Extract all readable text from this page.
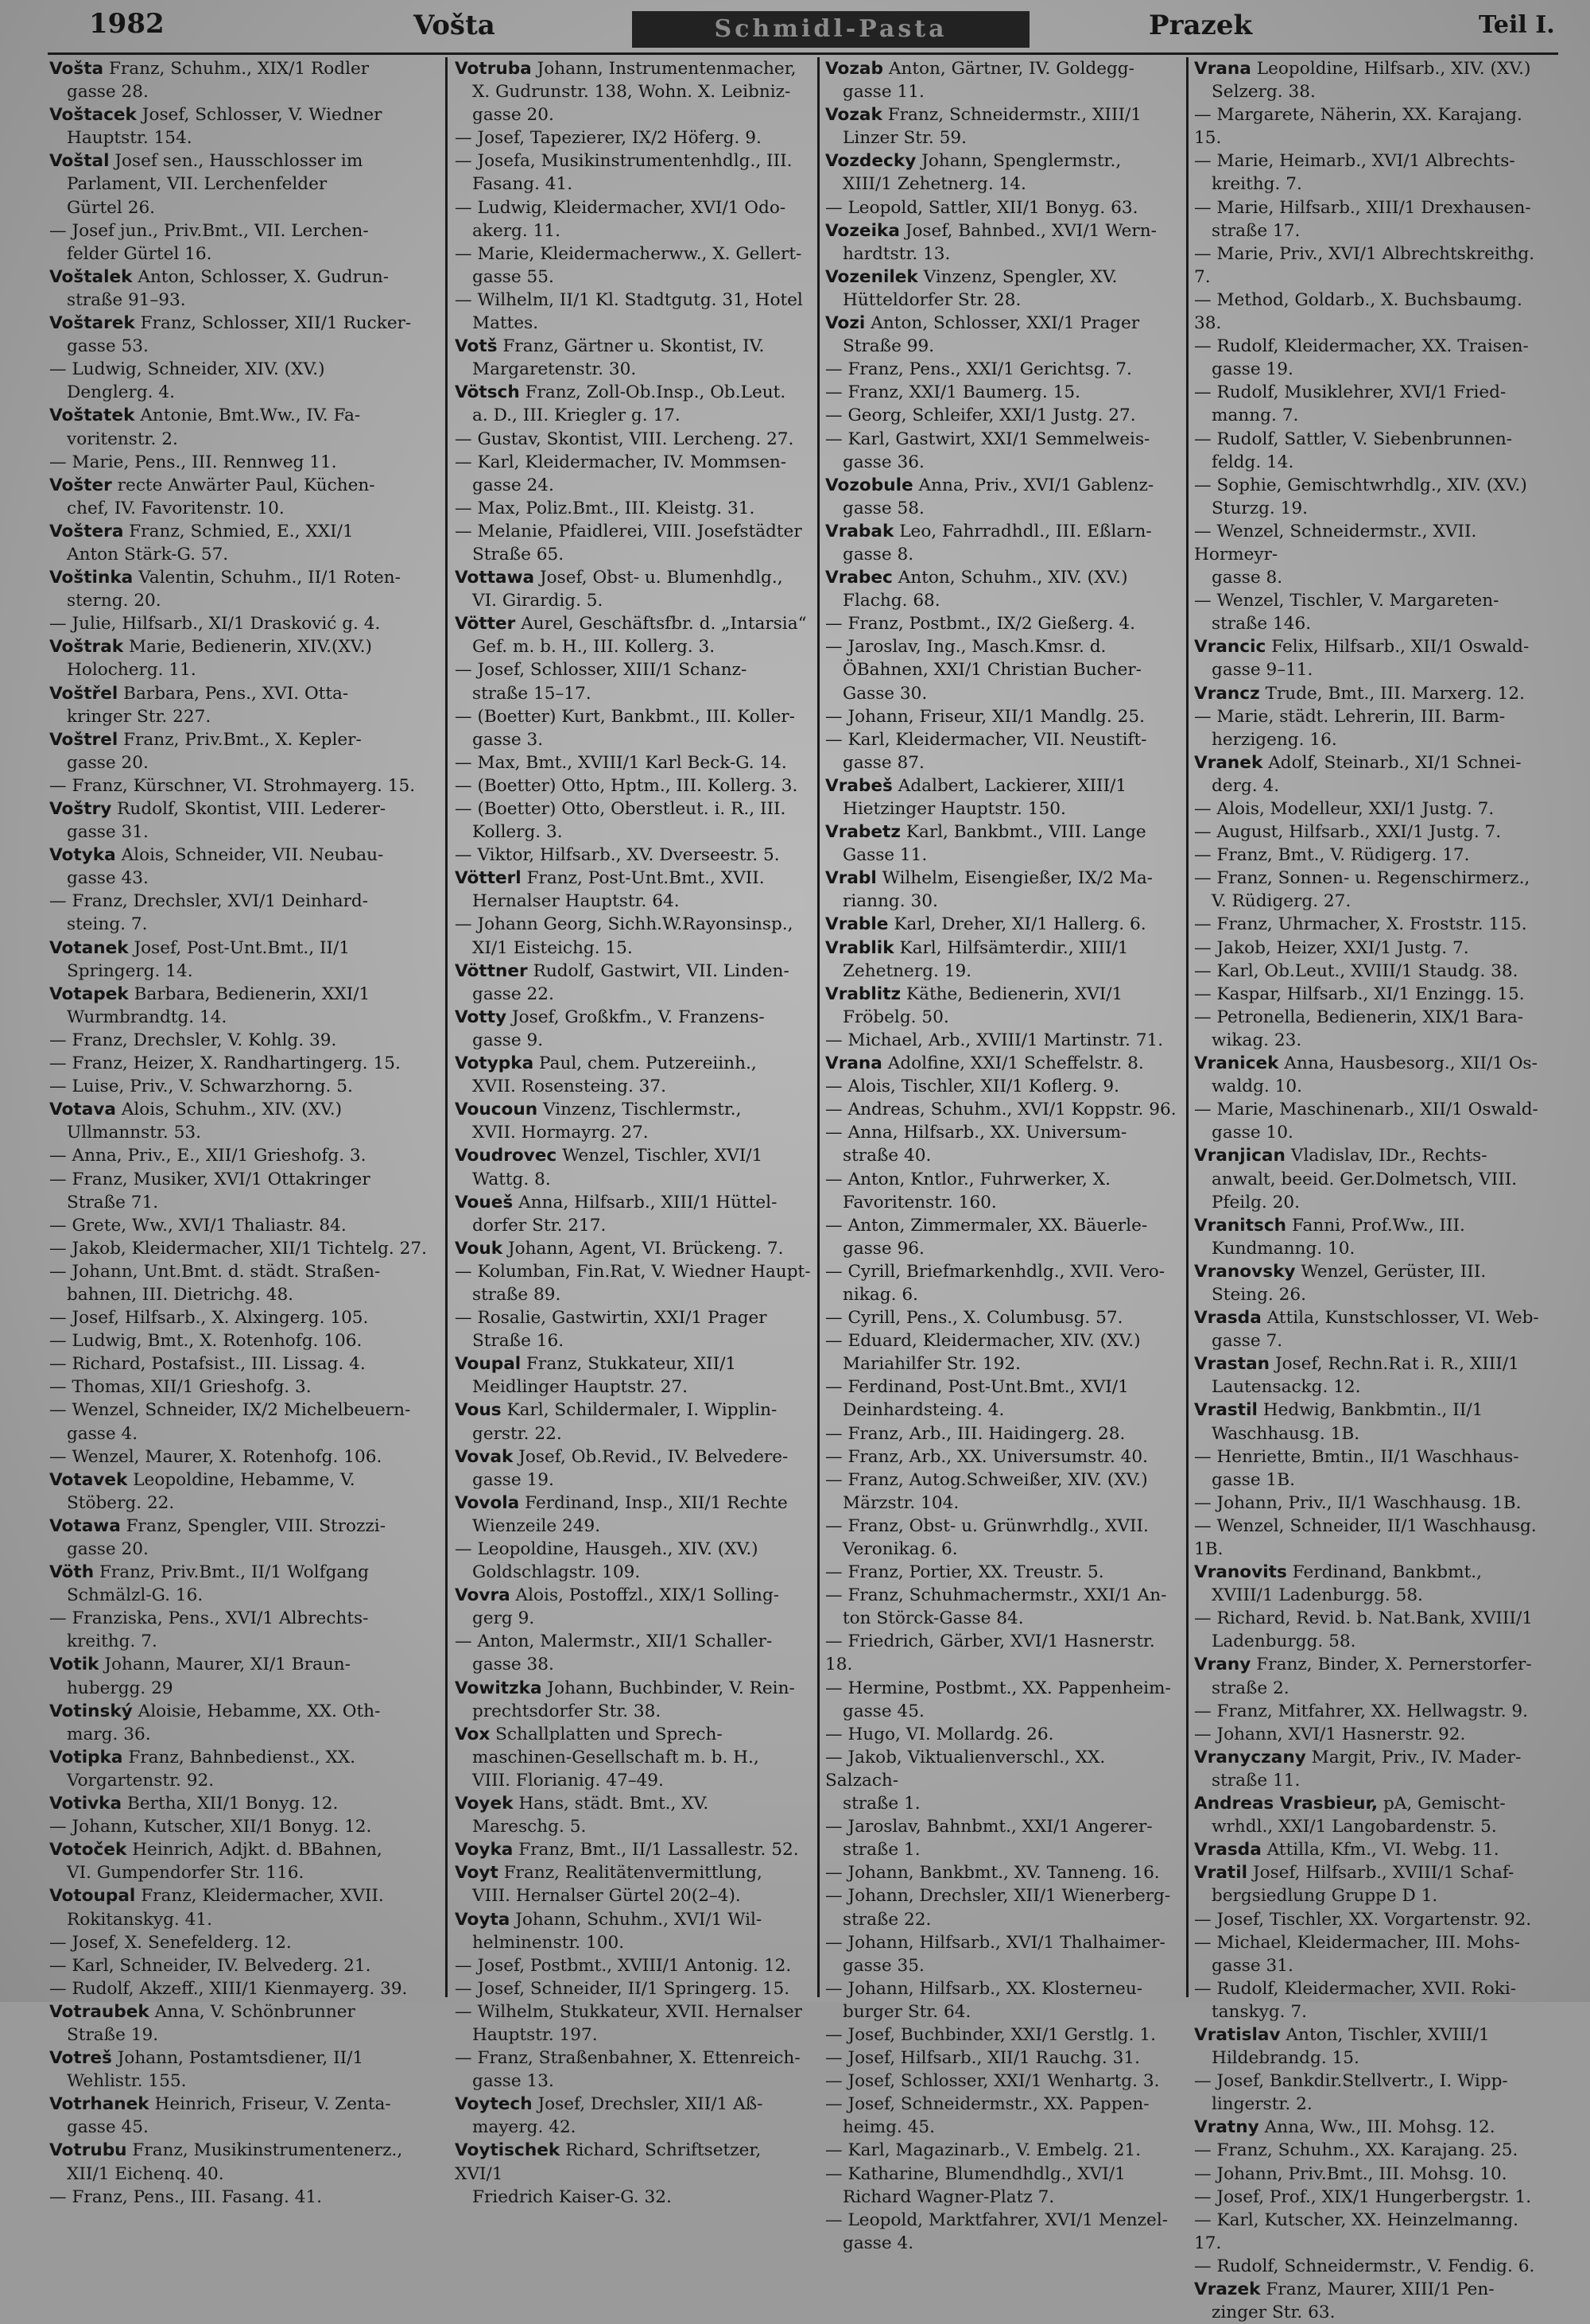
1982	Vošta	Schmidl-Pasta	Prazek	Teil I.
Vošta Franz, Schuhm., XIX/1 Rodler
gasse 28.
Voštacek Josef, Schlosser, V. Wiedner
Hauptstr. 154.
Voštal Josef sen., Hausschlosser im
Parlament, VII. Lerchenfelder
Gürtel 26.
— Josef jun., Priv.Bmt., VII. Lerchen-
felder Gürtel 16.
Voštalek Anton, Schlosser, X. Gudrun-
straße 91–93.
Voštarek Franz, Schlosser, XII/1 Rucker-
gasse 53.
— Ludwig, Schneider, XIV. (XV.)
Denglerg. 4.
Voštatek Antonie, Bmt.Ww., IV. Fa-
voritenstr. 2.
— Marie, Pens., III. Rennweg 11.
Vošter recte Anwärter Paul, Küchen-
chef, IV. Favoritenstr. 10.
Voštera Franz, Schmied, E., XXI/1
Anton Stärk-G. 57.
Voštinka Valentin, Schuhm., II/1 Roten-
sterng. 20.
— Julie, Hilfsarb., XI/1 Drasković g. 4.
Voštrak Marie, Bedienerin, XIV.(XV.)
Holocherg. 11.
Voštřel Barbara, Pens., XVI. Otta-
kringer Str. 227.
Voštrel Franz, Priv.Bmt., X. Kepler-
gasse 20.
— Franz, Kürschner, VI. Strohmayerg. 15.
Voštry Rudolf, Skontist, VIII. Lederer-
gasse 31.
Votyka Alois, Schneider, VII. Neubau-
gasse 43.
— Franz, Drechsler, XVI/1 Deinhard-
steing. 7.
Votanek Josef, Post-Unt.Bmt., II/1
Springerg. 14.
Votapek Barbara, Bedienerin, XXI/1
Wurmbrandtg. 14.
— Franz, Drechsler, V. Kohlg. 39.
— Franz, Heizer, X. Randhartingerg. 15.
— Luise, Priv., V. Schwarzhorng. 5.
Votava Alois, Schuhm., XIV. (XV.)
Ullmannstr. 53.
— Anna, Priv., E., XII/1 Grieshofg. 3.
— Franz, Musiker, XVI/1 Ottakringer
Straße 71.
— Grete, Ww., XVI/1 Thaliastr. 84.
— Jakob, Kleidermacher, XII/1 Tichtelg. 27.
— Johann, Unt.Bmt. d. städt. Straßen-
bahnen, III. Dietrichg. 48.
— Josef, Hilfsarb., X. Alxingerg. 105.
— Ludwig, Bmt., X. Rotenhofg. 106.
— Richard, Postafsist., III. Lissag. 4.
— Thomas, XII/1 Grieshofg. 3.
— Wenzel, Schneider, IX/2 Michelbeuern-
gasse 4.
— Wenzel, Maurer, X. Rotenhofg. 106.
Votavek Leopoldine, Hebamme, V.
Stöberg. 22.
Votawa Franz, Spengler, VIII. Strozzi-
gasse 20.
Vöth Franz, Priv.Bmt., II/1 Wolfgang
Schmälzl-G. 16.
— Franziska, Pens., XVI/1 Albrechts-
kreithg. 7.
Votik Johann, Maurer, XI/1 Braun-
hubergg. 29
Votinský Aloisie, Hebamme, XX. Oth-
marg. 36.
Votipka Franz, Bahnbedienst., XX.
Vorgartenstr. 92.
Votivka Bertha, XII/1 Bonyg. 12.
— Johann, Kutscher, XII/1 Bonyg. 12.
Votoček Heinrich, Adjkt. d. BBahnen,
VI. Gumpendorfer Str. 116.
Votoupal Franz, Kleidermacher, XVII.
Rokitanskyg. 41.
— Josef, X. Senefelderg. 12.
— Karl, Schneider, IV. Belvederg. 21.
— Rudolf, Akzeff., XIII/1 Kienmayerg. 39.
Votraubek Anna, V. Schönbrunner
Straße 19.
Votreš Johann, Postamtsdiener, II/1
Wehlistr. 155.
Votrhanek Heinrich, Friseur, V. Zenta-
gasse 45.
Votrubu Franz, Musikinstrumentenerz.,
XII/1 Eichenq. 40.
— Franz, Pens., III. Fasang. 41.
Votruba Johann, Instrumentenmacher,
X. Gudrunstr. 138, Wohn. X. Leibniz-
gasse 20.
— Josef, Tapezierer, IX/2 Höferg. 9.
— Josefa, Musikinstrumentenhdlg., III.
Fasang. 41.
— Ludwig, Kleidermacher, XVI/1 Odo-
akerg. 11.
— Marie, Kleidermacherww., X. Gellert-
gasse 55.
— Wilhelm, II/1 Kl. Stadtgutg. 31, Hotel
Mattes.
Votš Franz, Gärtner u. Skontist, IV.
Margaretenstr. 30.
Vötsch Franz, Zoll-Ob.Insp., Ob.Leut.
a. D., III. Kriegler g. 17.
— Gustav, Skontist, VIII. Lercheng. 27.
— Karl, Kleidermacher, IV. Mommsen-
gasse 24.
— Max, Poliz.Bmt., III. Kleistg. 31.
— Melanie, Pfaidlerei, VIII. Josefstädter
Straße 65.
Vottawa Josef, Obst- u. Blumenhdlg.,
VI. Girardig. 5.
Vötter Aurel, Geschäftsfbr. d. „Intarsia“
Gef. m. b. H., III. Kollerg. 3.
— Josef, Schlosser, XIII/1 Schanz-
straße 15–17.
— (Boetter) Kurt, Bankbmt., III. Koller-
gasse 3.
— Max, Bmt., XVIII/1 Karl Beck-G. 14.
— (Boetter) Otto, Hptm., III. Kollerg. 3.
— (Boetter) Otto, Oberstleut. i. R., III.
Kollerg. 3.
— Viktor, Hilfsarb., XV. Dverseestr. 5.
Vötterl Franz, Post-Unt.Bmt., XVII.
Hernalser Hauptstr. 64.
— Johann Georg, Sichh.W.Rayonsinsp.,
XI/1 Eisteichg. 15.
Vöttner Rudolf, Gastwirt, VII. Linden-
gasse 22.
Votty Josef, Großkfm., V. Franzens-
gasse 9.
Votypka Paul, chem. Putzereiinh.,
XVII. Rosensteing. 37.
Voucoun Vinzenz, Tischlermstr.,
XVII. Hormayrg. 27.
Voudrovec Wenzel, Tischler, XVI/1
Wattg. 8.
Voueš Anna, Hilfsarb., XIII/1 Hüttel-
dorfer Str. 217.
Vouk Johann, Agent, VI. Brückeng. 7.
— Kolumban, Fin.Rat, V. Wiedner Haupt-
straße 89.
— Rosalie, Gastwirtin, XXI/1 Prager
Straße 16.
Voupal Franz, Stukkateur, XII/1
Meidlinger Hauptstr. 27.
Vous Karl, Schildermaler, I. Wipplin-
gerstr. 22.
Vovak Josef, Ob.Revid., IV. Belvedere-
gasse 19.
Vovola Ferdinand, Insp., XII/1 Rechte
Wienzeile 249.
— Leopoldine, Hausgeh., XIV. (XV.)
Goldschlagstr. 109.
Vovra Alois, Postoffzl., XIX/1 Solling-
gerg 9.
— Anton, Malermstr., XII/1 Schaller-
gasse 38.
Vowitzka Johann, Buchbinder, V. Rein-
prechtsdorfer Str. 38.
Vox Schallplatten und Sprech-
maschinen-Gesellschaft m. b. H.,
VIII. Florianig. 47–49.
Voyek Hans, städt. Bmt., XV.
Mareschg. 5.
Voyka Franz, Bmt., II/1 Lassallestr. 52.
Voyt Franz, Realitätenvermittlung,
VIII. Hernalser Gürtel 20(2–4).
Voyta Johann, Schuhm., XVI/1 Wil-
helminenstr. 100.
— Josef, Postbmt., XVIII/1 Antonig. 12.
— Josef, Schneider, II/1 Springerg. 15.
— Wilhelm, Stukkateur, XVII. Hernalser
Hauptstr. 197.
— Franz, Straßenbahner, X. Ettenreich-
gasse 13.
Voytech Josef, Drechsler, XII/1 Aß-
mayerg. 42.
Voytischek Richard, Schriftsetzer, XVI/1
Friedrich Kaiser-G. 32.
Vozab Anton, Gärtner, IV. Goldegg-
gasse 11.
Vozak Franz, Schneidermstr., XIII/1
Linzer Str. 59.
Vozdecky Johann, Spenglermstr.,
XIII/1 Zehetnerg. 14.
— Leopold, Sattler, XII/1 Bonyg. 63.
Vozeika Josef, Bahnbed., XVI/1 Wern-
hardtstr. 13.
Vozenilek Vinzenz, Spengler, XV.
Hütteldorfer Str. 28.
Vozi Anton, Schlosser, XXI/1 Prager
Straße 99.
— Franz, Pens., XXI/1 Gerichtsg. 7.
— Franz, XXI/1 Baumerg. 15.
— Georg, Schleifer, XXI/1 Justg. 27.
— Karl, Gastwirt, XXI/1 Semmelweis-
gasse 36.
Vozobule Anna, Priv., XVI/1 Gablenz-
gasse 58.
Vrabak Leo, Fahrradhdl., III. Eßlarn-
gasse 8.
Vrabec Anton, Schuhm., XIV. (XV.)
Flachg. 68.
— Franz, Postbmt., IX/2 Gießerg. 4.
— Jaroslav, Ing., Masch.Kmsr. d.
ÖBahnen, XXI/1 Christian Bucher-
Gasse 30.
— Johann, Friseur, XII/1 Mandlg. 25.
— Karl, Kleidermacher, VII. Neustift-
gasse 87.
Vrabeš Adalbert, Lackierer, XIII/1
Hietzinger Hauptstr. 150.
Vrabetz Karl, Bankbmt., VIII. Lange
Gasse 11.
Vrabl Wilhelm, Eisengießer, IX/2 Ma-
rianng. 30.
Vrable Karl, Dreher, XI/1 Hallerg. 6.
Vrablik Karl, Hilfsämterdir., XIII/1
Zehetnerg. 19.
Vrablitz Käthe, Bedienerin, XVI/1
Fröbelg. 50.
— Michael, Arb., XVIII/1 Martinstr. 71.
Vrana Adolfine, XXI/1 Scheffelstr. 8.
— Alois, Tischler, XII/1 Koflerg. 9.
— Andreas, Schuhm., XVI/1 Koppstr. 96.
— Anna, Hilfsarb., XX. Universum-
straße 40.
— Anton, Kntlor., Fuhrwerker, X.
Favoritenstr. 160.
— Anton, Zimmermaler, XX. Bäuerle-
gasse 96.
— Cyrill, Briefmarkenhdlg., XVII. Vero-
nikag. 6.
— Cyrill, Pens., X. Columbusg. 57.
— Eduard, Kleidermacher, XIV. (XV.)
Mariahilfer Str. 192.
— Ferdinand, Post-Unt.Bmt., XVI/1
Deinhardsteing. 4.
— Franz, Arb., III. Haidingerg. 28.
— Franz, Arb., XX. Universumstr. 40.
— Franz, Autog.Schweißer, XIV. (XV.)
Märzstr. 104.
— Franz, Obst- u. Grünwrhdlg., XVII.
Veronikag. 6.
— Franz, Portier, XX. Treustr. 5.
— Franz, Schuhmachermstr., XXI/1 An-
ton Störck-Gasse 84.
— Friedrich, Gärber, XVI/1 Hasnerstr. 18.
— Hermine, Postbmt., XX. Pappenheim-
gasse 45.
— Hugo, VI. Mollardg. 26.
— Jakob, Viktualienverschl., XX. Salzach-
straße 1.
— Jaroslav, Bahnbmt., XXI/1 Angerer-
straße 1.
— Johann, Bankbmt., XV. Tanneng. 16.
— Johann, Drechsler, XII/1 Wienerberg-
straße 22.
— Johann, Hilfsarb., XVI/1 Thalhaimer-
gasse 35.
— Johann, Hilfsarb., XX. Klosterneu-
burger Str. 64.
— Josef, Buchbinder, XXI/1 Gerstlg. 1.
— Josef, Hilfsarb., XII/1 Rauchg. 31.
— Josef, Schlosser, XXI/1 Wenhartg. 3.
— Josef, Schneidermstr., XX. Pappen-
heimg. 45.
— Karl, Magazinarb., V. Embelg. 21.
— Katharine, Blumendhdlg., XVI/1
Richard Wagner-Platz 7.
— Leopold, Marktfahrer, XVI/1 Menzel-
gasse 4.
Vrana Leopoldine, Hilfsarb., XIV. (XV.)
Selzerg. 38.
— Margarete, Näherin, XX. Karajang. 15.
— Marie, Heimarb., XVI/1 Albrechts-
kreithg. 7.
— Marie, Hilfsarb., XIII/1 Drexhausen-
straße 17.
— Marie, Priv., XVI/1 Albrechtskreithg. 7.
— Method, Goldarb., X. Buchsbaumg. 38.
— Rudolf, Kleidermacher, XX. Traisen-
gasse 19.
— Rudolf, Musiklehrer, XVI/1 Fried-
manng. 7.
— Rudolf, Sattler, V. Siebenbrunnen-
feldg. 14.
— Sophie, Gemischtwrhdlg., XIV. (XV.)
Sturzg. 19.
— Wenzel, Schneidermstr., XVII. Hormeyr-
gasse 8.
— Wenzel, Tischler, V. Margareten-
straße 146.
Vrancic Felix, Hilfsarb., XII/1 Oswald-
gasse 9–11.
Vrancz Trude, Bmt., III. Marxerg. 12.
— Marie, städt. Lehrerin, III. Barm-
herzigeng. 16.
Vranek Adolf, Steinarb., XI/1 Schnei-
derg. 4.
— Alois, Modelleur, XXI/1 Justg. 7.
— August, Hilfsarb., XXI/1 Justg. 7.
— Franz, Bmt., V. Rüdigerg. 17.
— Franz, Sonnen- u. Regenschirmerz.,
V. Rüdigerg. 27.
— Franz, Uhrmacher, X. Froststr. 115.
— Jakob, Heizer, XXI/1 Justg. 7.
— Karl, Ob.Leut., XVIII/1 Staudg. 38.
— Kaspar, Hilfsarb., XI/1 Enzingg. 15.
— Petronella, Bedienerin, XIX/1 Bara-
wikag. 23.
Vranicek Anna, Hausbesorg., XII/1 Os-
waldg. 10.
— Marie, Maschinenarb., XII/1 Oswald-
gasse 10.
Vranjican Vladislav, IDr., Rechts-
anwalt, beeid. Ger.Dolmetsch, VIII.
Pfeilg. 20.
Vranitsch Fanni, Prof.Ww., III.
Kundmanng. 10.
Vranovsky Wenzel, Gerüster, III.
Steing. 26.
Vrasda Attila, Kunstschlosser, VI. Web-
gasse 7.
Vrastan Josef, Rechn.Rat i. R., XIII/1
Lautensackg. 12.
Vrastil Hedwig, Bankbmtin., II/1
Waschhausg. 1B.
— Henriette, Bmtin., II/1 Waschhaus-
gasse 1B.
— Johann, Priv., II/1 Waschhausg. 1B.
— Wenzel, Schneider, II/1 Waschhausg. 1B.
Vranovits Ferdinand, Bankbmt.,
XVIII/1 Ladenburgg. 58.
— Richard, Revid. b. Nat.Bank, XVIII/1
Ladenburgg. 58.
Vrany Franz, Binder, X. Pernerstorfer-
straße 2.
— Franz, Mitfahrer, XX. Hellwagstr. 9.
— Johann, XVI/1 Hasnerstr. 92.
Vranyczany Margit, Priv., IV. Mader-
straße 11.
Andreas Vrasbieur, pA, Gemischt-
wrhdl., XXI/1 Langobardenstr. 5.
Vrasda Attilla, Kfm., VI. Webg. 11.
Vratil Josef, Hilfsarb., XVIII/1 Schaf-
bergsiedlung Gruppe D 1.
— Josef, Tischler, XX. Vorgartenstr. 92.
— Michael, Kleidermacher, III. Mohs-
gasse 31.
— Rudolf, Kleidermacher, XVII. Roki-
tanskyg. 7.
Vratislav Anton, Tischler, XVIII/1
Hildebrandg. 15.
— Josef, Bankdir.Stellvertr., I. Wipp-
lingerstr. 2.
Vratny Anna, Ww., III. Mohsg. 12.
— Franz, Schuhm., XX. Karajang. 25.
— Johann, Priv.Bmt., III. Mohsg. 10.
— Josef, Prof., XIX/1 Hungerbergstr. 1.
— Karl, Kutscher, XX. Heinzelmanng. 17.
— Rudolf, Schneidermstr., V. Fendig. 6.
Vrazek Franz, Maurer, XIII/1 Pen-
zinger Str. 63.
